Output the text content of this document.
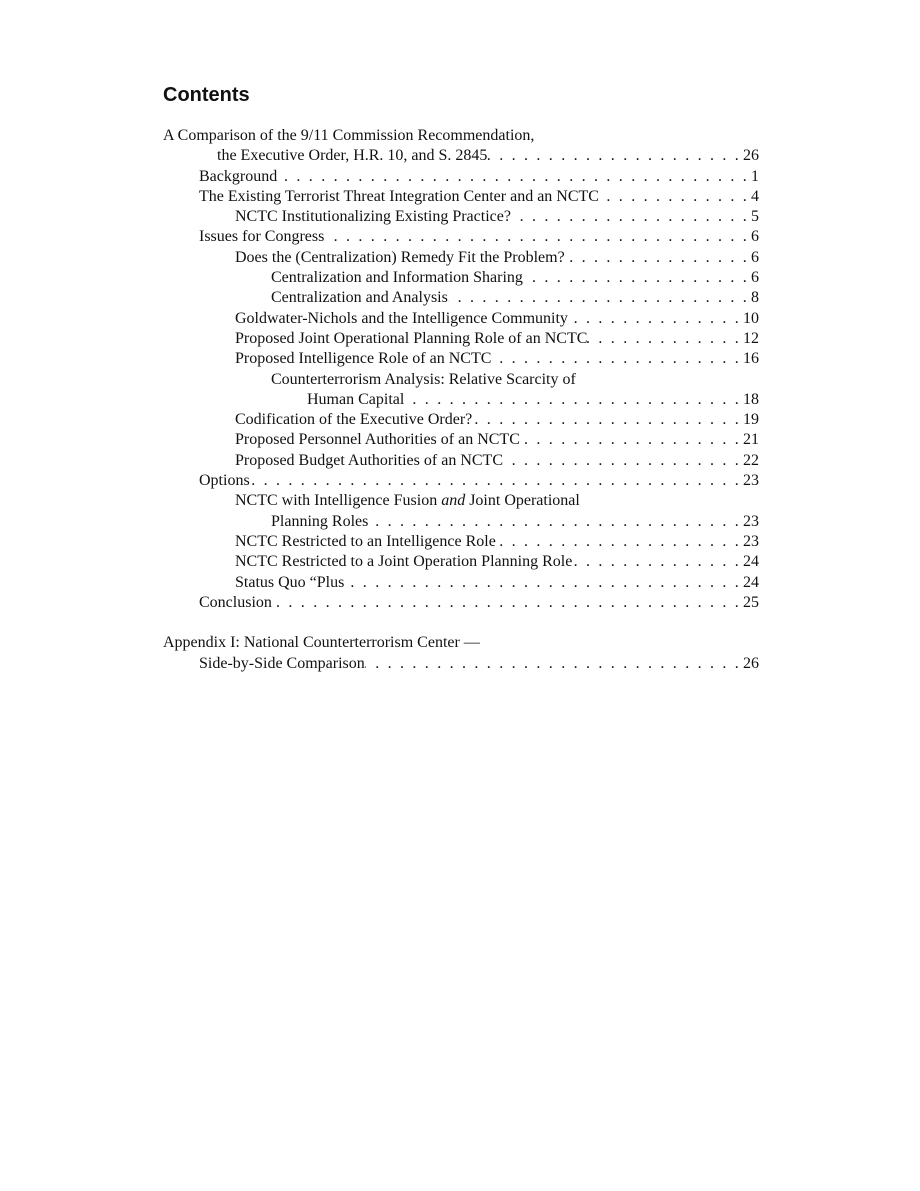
Contents
A Comparison of the 9/11 Commission Recommendation,
the Executive Order, H.R. 10, and S. 2845 . . .	26
Background . . .	1
The Existing Terrorist Threat Integration Center and an NCTC . . .	4
NCTC Institutionalizing Existing Practice? . . .	5
Issues for Congress . . .	6
Does the (Centralization) Remedy Fit the Problem? . . .	6
Centralization and Information Sharing . . .	6
Centralization and Analysis . . .	8
Goldwater-Nichols and the Intelligence Community . . .	10
Proposed Joint Operational Planning Role of an NCTC . . .	12
Proposed Intelligence Role of an NCTC . . .	16
Counterterrorism Analysis: Relative Scarcity of
Human Capital . . .	18
Codification of the Executive Order? . . .	19
Proposed Personnel Authorities of an NCTC . . .	21
Proposed Budget Authorities of an NCTC . . .	22
Options . . .	23
NCTC with Intelligence Fusion and Joint Operational
Planning Roles . . .	23
NCTC Restricted to an Intelligence Role . . .	23
NCTC Restricted to a Joint Operation Planning Role . . .	24
Status Quo “Plus . . .	24
Conclusion . . .	25
Appendix I: National Counterterrorism Center —
Side-by-Side Comparison . . .	26
